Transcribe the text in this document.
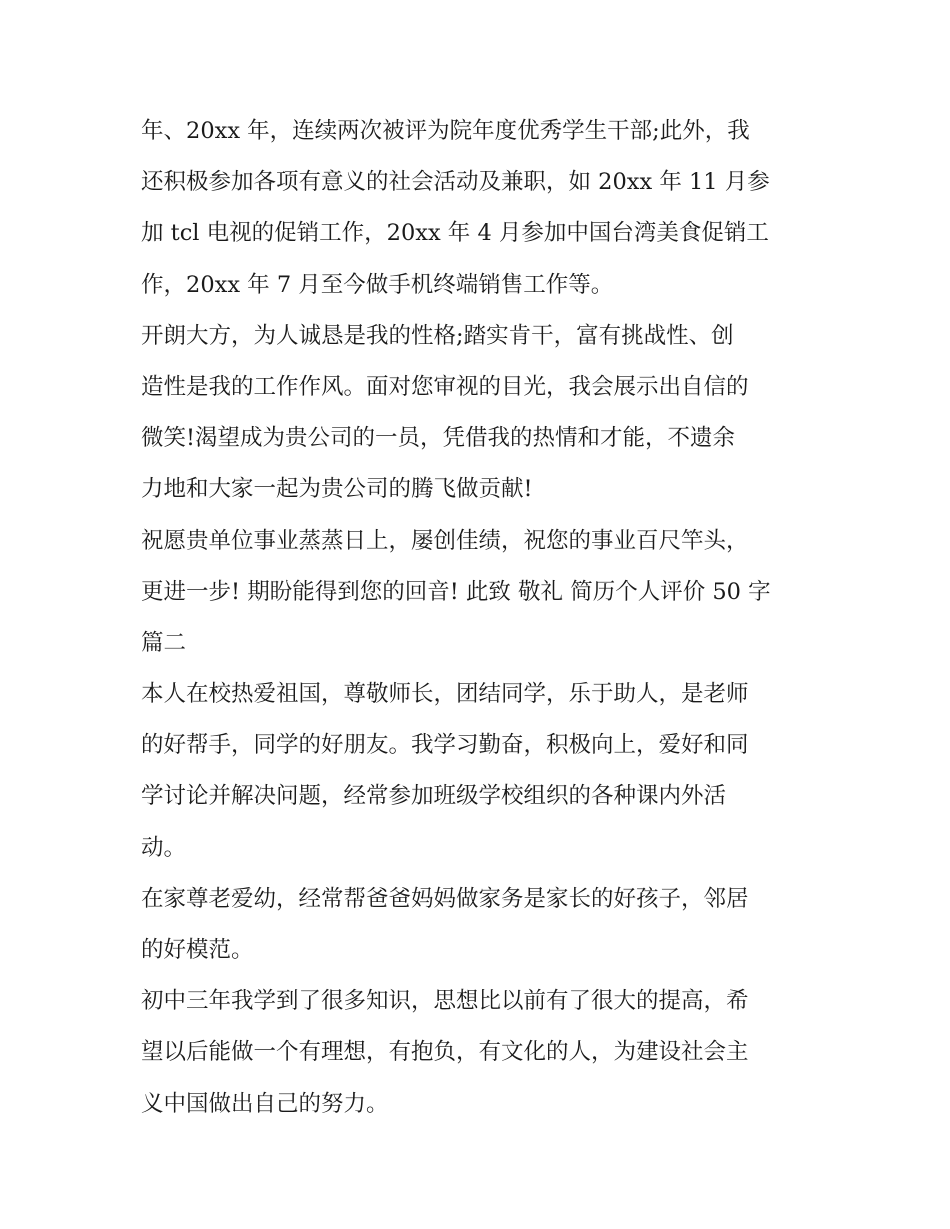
年、20xx 年，连续两次被评为院年度优秀学生干部;此外，我
还积极参加各项有意义的社会活动及兼职，如 20xx 年 11 月参
加 tcl 电视的促销工作，20xx 年 4 月参加中国台湾美食促销工
作，20xx 年 7 月至今做手机终端销售工作等。
开朗大方，为人诚恳是我的性格;踏实肯干，富有挑战性、创
造性是我的工作作风。面对您审视的目光，我会展示出自信的
微笑!渴望成为贵公司的一员，凭借我的热情和才能，不遗余
力地和大家一起为贵公司的腾飞做贡献!
祝愿贵单位事业蒸蒸日上，屡创佳绩，祝您的事业百尺竿头，
更进一步! 期盼能得到您的回音! 此致 敬礼 简历个人评价 50 字
篇二
本人在校热爱祖国，尊敬师长，团结同学，乐于助人，是老师
的好帮手，同学的好朋友。我学习勤奋，积极向上，爱好和同
学讨论并解决问题，经常参加班级学校组织的各种课内外活
动。
在家尊老爱幼，经常帮爸爸妈妈做家务是家长的好孩子，邻居
的好模范。
初中三年我学到了很多知识，思想比以前有了很大的提高，希
望以后能做一个有理想，有抱负，有文化的人，为建设社会主
义中国做出自己的努力。
